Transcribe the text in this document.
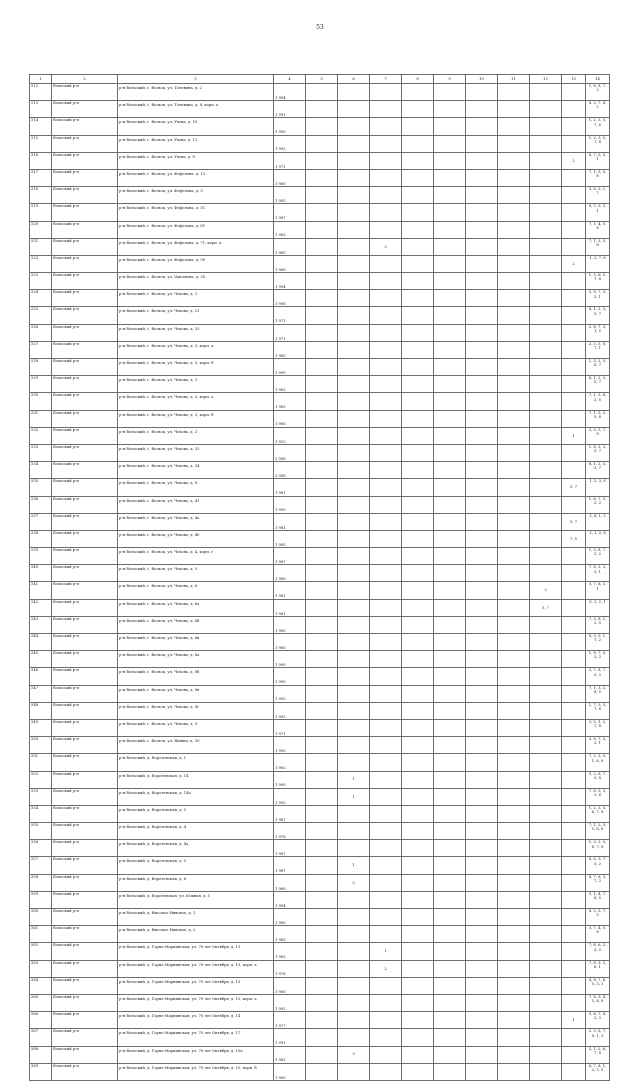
53
1	2	3	4	5	6	7	8	9	10	11	12	13	14
512	Вольский р-н	р-н Вольский, г. Вольск, ул. Толевина, д. 2	1 994										1, 8, 8, 7, 2
513	Вольский р-н	р-н Вольский, г. Вольск, ул. Толевина, д. 8, корп. а	1 991										8, 3, 7, 8, 2
514	Вольский р-н	р-н Вольский, г. Вольск, ул. Ухова, д. 10	1 990										1, 2, 3, 5, 7, 6
515	Вольский р-н	р-н Вольский, г. Вольск, ул. Ухова, д. 12	1 992										1, 2, 3, 5, 7, 8
516	Вольский р-н	р-н Вольский, г. Вольск, ул. Ухова, д. 8	1 971									2	8, 7, 5, 3, 1
517	Вольский р-н	р-н Вольский, г. Вольск, ул. Фефелова, д. 12	1 960										7, 1, 3, 5, 8
518	Вольский р-н	р-н Вольский, г. Вольск, ул. Фефелова, д. 5	1 983										5, 8, 3, 1, 7
519	Вольский р-н	р-н Вольский, г. Вольск, ул. Фефелова, д. 51	1 987										8, 7, 5, 3, 1
520	Вольский р-н	р-н Вольский, г. Вольск, ул. Фефелова, д. 61	1 983										7, 1, 4, 5, 8
521	Вольский р-н	р-н Вольский, г. Вольск, ул. Фефелова, д. 71, корп. а	1 985			2							7, 1, 3, 5, 8
522	Вольский р-н	р-н Вольский, г. Вольск, ул. Фефелова, д. 90	1 960									2	1, 3, 7, 8
523	Вольский р-н	р-н Вольский, г. Вольск, ул. Цыганова, д. 20	1 994										1, 3, 6, 5, 7, 8
524	Вольский р-н	р-н Вольский, г. Вольск, ул. Чехова, д. 1	1 998										5, 8, 7, 3, 2, 1
525	Вольский р-н	р-н Вольский, г. Вольск, ул. Чехова, д. 21	1 971										8, 1, 2, 3, 5, 7
526	Вольский р-н	р-н Вольский, г. Вольск, ул. Чехова, д. 23	1 971										2, 8, 7, 3, 1, 5
527	Вольский р-н	р-н Вольский, г. Вольск, ул. Чехова, д. 3, корп. а	1 985										2, 3, 5, 8, 7, 1
528	Вольский р-н	р-н Вольский, г. Вольск, ул. Чехова, д. 3, корп. б	1 999										1, 3, 2, 5, 8, 7
529	Вольский р-н	р-н Вольский, г. Вольск, ул. Чехова, д. 2	1 982										8, 1, 2, 3, 5, 7
530	Вольский р-н	р-н Вольский, г. Вольск, ул. Чехова, д. 3, корп. а	1 983										7, 1, 3, 8, 2, 5
531	Вольский р-н	р-н Вольский, г. Вольск, ул. Чехова, д. 3, корп. б	1 986										7, 1, 3, 2, 5, 8
532	Вольский р-н	р-н Вольский, г. Вольск, ул. Чехова, д. 2	1 912									1	2, 3, 5, 7, 8
533	Вольский р-н	р-н Вольский, г. Вольск, ул. Чехова, д. 32	2 008										1, 8, 2, 3, 5, 7
534	Вольский р-н	р-н Вольский, г. Вольск, ул. Чехова, д. 34	2 008										8, 1, 2, 3, 5, 7
535	Вольский р-н	р-н Вольский, г. Вольск, ул. Чехова, д. 8	1 981									5, 7	1, 2, 3, 8
536	Вольский р-н	р-н Вольский, г. Вольск, ул. Чехова, д. 41	1 993										1, 8, 7, 5, 3, 2
537	Вольский р-н	р-н Вольский, г. Вольск, ул. Чехова, д. 4а	1 981									5, 7	3, 8, 1, 2
538	Вольский р-н	р-н Вольский, г. Вольск, ул. Чехова, д. 40	1 985									7, 5	3, 1, 2, 8
539	Вольский р-н	р-н Вольский, г. Вольск, ул. Чехова, д. 4, корп. г	1 987										1, 3, 8, 7, 5, 2
540	Вольский р-н	р-н Вольский, г. Вольск, ул. Чехова, д. 5	1 980										7, 8, 2, 3, 5, 1
541	Вольский р-н	р-н Вольский, г. Вольск, ул. Чехова, д. 6	1 981								2		5, 7, 8, 3, 1
542	Вольский р-н	р-н Вольский, г. Вольск, ул. Чехова, д. 6а	1 981								5, 7		8, 3, 2, 1
543	Вольский р-н	р-н Вольский, г. Вольск, ул. Чехова, д. 6б	1 985										7, 3, 8, 1, 2, 5
544	Вольский р-н	р-н Вольский, г. Вольск, ул. Чехова, д. 6в	1 985										8, 3, 5, 1, 7, 2
545	Вольский р-н	р-н Вольский, г. Вольск, ул. Чехова, д. 8а	1 990										1, 8, 7, 5, 3, 2
546	Вольский р-н	р-н Вольский, г. Вольск, ул. Чехова, д. 8б	1 990										2, 7, 8, 7, 5, 3
547	Вольский р-н	р-н Вольский, г. Вольск, ул. Чехова, д. 8в	1 992										7, 1, 3, 2, 8, 5
548	Вольский р-н	р-н Вольский, г. Вольск, ул. Чехова, д. 8г	1 993										1, 7, 3, 5, 7, 8
549	Вольский р-н	р-н Вольский, г. Вольск, ул. Чехова, д. 9	1 971										3, 5, 1, 2, 7, 8
550	Вольский р-н	р-н Вольский, г. Вольск, ул. Яшина, д. 30	1 993										3, 8, 7, 5, 2, 1
551	Вольский р-н	р-н Вольский, д. Воротенская, д. 1	1 982										7, 2, 3, 5, 1, 6, 8
552	Вольский р-н	р-н Вольский, д. Воротенская, д. 14	1 990		1								3, 2, 6, 7, 5, 8
553	Вольский р-н	р-н Вольский, д. Воротенская, д. 14а	1 992		1								7, 8, 5, 3, 2, 6
554	Вольский р-н	р-н Вольский, д. Воротенская, д. 5	1 987										1, 2, 3, 5, 6, 7, 8
555	Вольский р-н	р-н Вольский, д. Воротенская, д. 4	1 978										7, 1, 2, 3, 5, 6, 8
556	Вольский р-н	р-н Вольский, д. Воротенская, д. 4а	1 987										1, 3, 2, 5, 6, 7, 8
557	Вольский р-н	р-н Вольский, д. Воротенская, д. 5	1 987		1								8, 6, 3, 7, 5, 2
558	Вольский р-н	р-н Вольский, д. Воротенская, д. 6	1 980		5								8, 7, 6, 3, 7, 2
559	Вольский р-н	р-н Вольский, д. Воротенская, ул. Южная, д. 1	1 994										3, 1, 4, 7, 8, 5
560	Вольский р-н	р-н Вольский, д. Высокое Нивовое, д. 1	1 985										8, 2, 3, 7, 5
561	Вольский р-н	р-н Вольский, д. Высокое Нивовое, д. 2	1 983										3, 7, 4, 5, 8
562	Вольский р-н	р-н Вольский, д. Горно-Мариинская, ул. 70 лет Октября, д. 11	1 982			1							7, 8, 6, 2, 3, 5
563	Вольский р-н	р-н Вольский, д. Горно-Мариинская, ул. 70 лет Октября, д. 13, корп. а	1 976			2							7, 8, 3, 5, 6, 1
564	Вольский р-н	р-н Вольский, д. Горно-Мариинская, ул. 70 лет Октября, д. 13	1 980										4, 8, 7, 6, 5, 3, 1
565	Вольский р-н	р-н Вольский, д. Горно-Мариинская, ул. 70 лет Октября, д. 13, корп. а	1 992										7, 8, 3, 4, 5, 6, 8
566	Вольский р-н	р-н Вольский, д. Горно-Мариинская, ул. 70 лет Октября, д. 14	1 977									1	5, 6, 7, 8, 2, 3
567	Вольский р-н	р-н Вольский, д. Горно-Мариинская, ул. 70 лет Октября, д. 17	1 991										2, 5, 6, 7, 8, 1, 3
568	Вольский р-н	р-н Вольский, д. Горно-Мариинская, ул. 70 лет Октября, д. 15а	1 982		3								3, 1, 2, 6, 7, 8
569	Вольский р-н	р-н Вольский, д. Горно-Мариинская, ул. 70 лет Октября, д. 15, корп. б	1 985										6, 7, 8, 1, 2, 3, 5
